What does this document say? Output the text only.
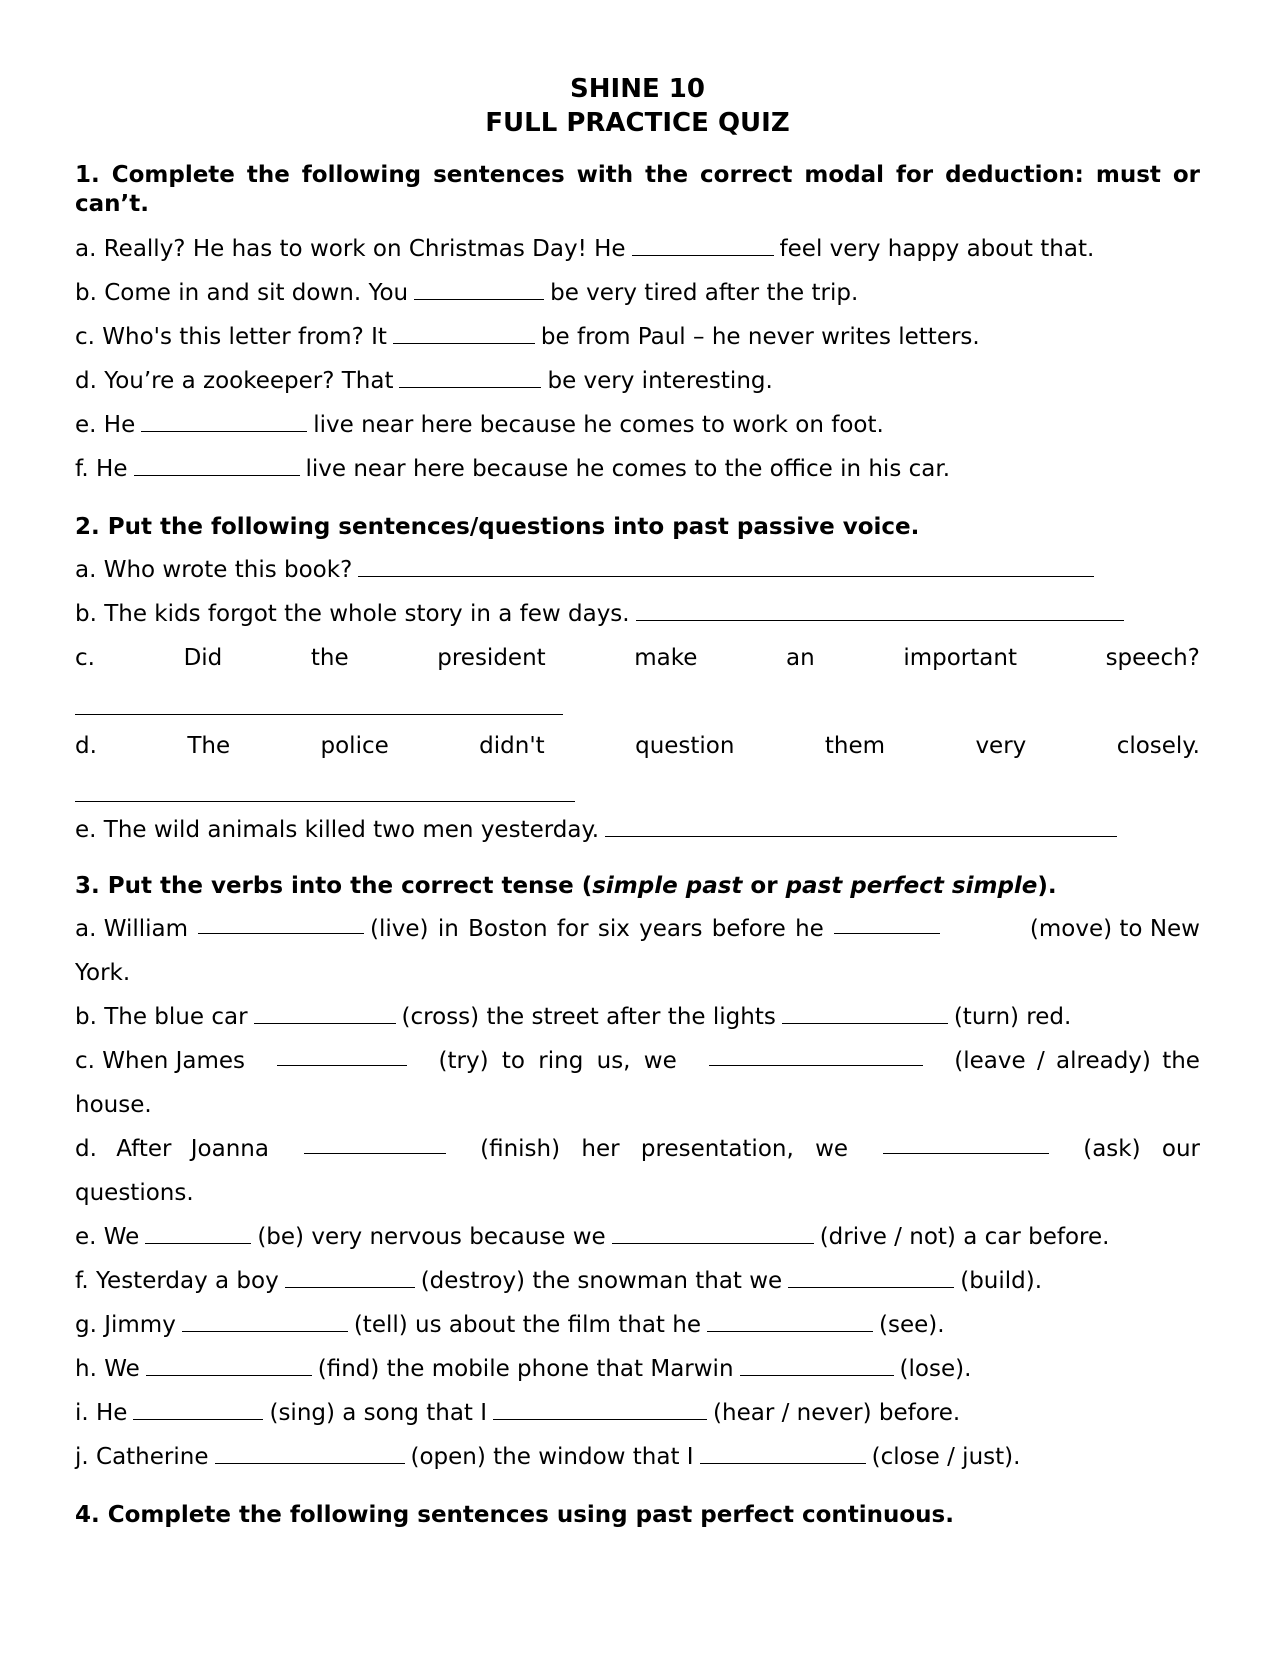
SHINE 10
FULL PRACTICE QUIZ
1. Complete the following sentences with the correct modal for deduction: must or can’t.
a. Really? He has to work on Christmas Day! He	feel very happy about that.
b. Come in and sit down. You	be very tired after the trip.
c. Who's this letter from? It	be from Paul – he never writes letters.
d. You’re a zookeeper? That	be very interesting.
e. He	live near here because he comes to work on foot.
f. He	live near here because he comes to the office in his car.
2. Put the following sentences/questions into past passive voice.
a. Who wrote this book?
b. The kids forgot the whole story in a few days.
c.	Did	the	president	make	an	important	speech?
d.	The	police	didn't	question	them	very	closely.
e. The wild animals killed two men yesterday.
3. Put the verbs into the correct tense (simple past or past perfect simple).
a. William	(live) in Boston for six years before he	(move) to New
York.
b. The blue car	(cross) the street after the lights	(turn) red.
c. When James	(try) to ring us, we	(leave / already) the
house.
d. After Joanna	(finish) her presentation, we	(ask) our
questions.
e. We	(be) very nervous because we	(drive / not) a car before.
f. Yesterday a boy	(destroy) the snowman that we	(build).
g. Jimmy	(tell) us about the film that he	(see).
h. We	(find) the mobile phone that Marwin	(lose).
i. He	(sing) a song that I	(hear / never) before.
j. Catherine	(open) the window that I	(close / just).
4. Complete the following sentences using past perfect continuous.
